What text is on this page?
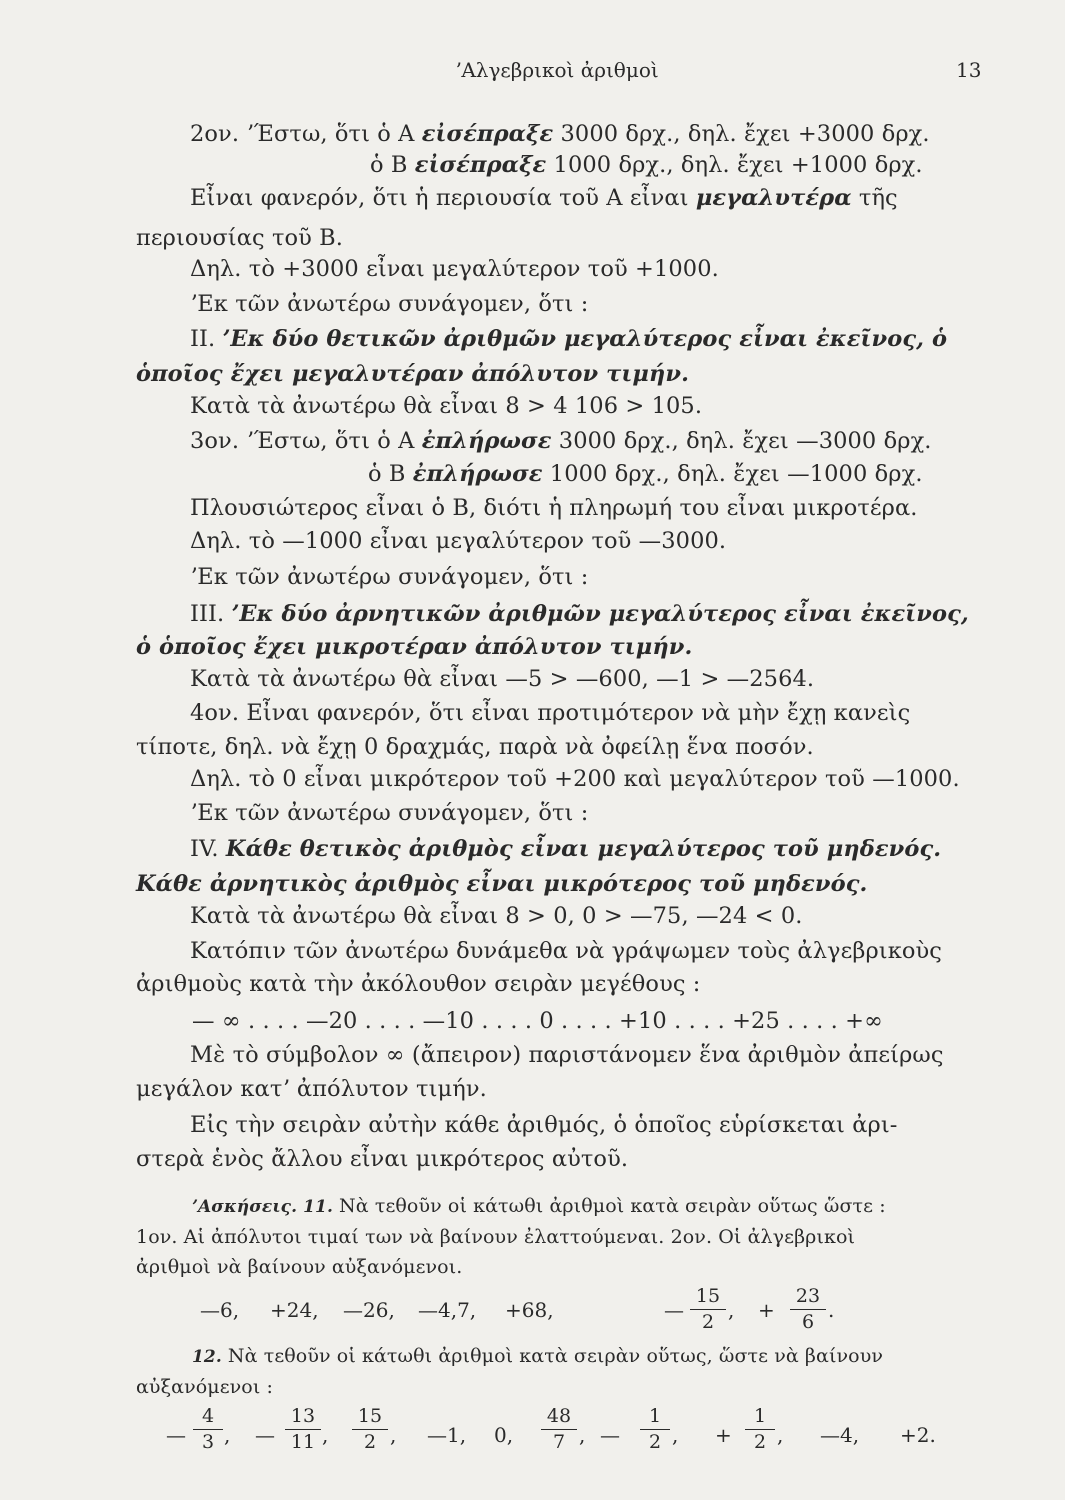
ʼΑλγεβρικοὶ ἀριθμοὶ	13
2ον. ʼΈστω, ὅτι ὁ Α εἰσέπραξε 3000 δρχ., δηλ. ἔχει +3000 δρχ.
ὁ Β εἰσέπραξε 1000 δρχ., δηλ. ἔχει +1000 δρχ.
Εἶναι φανερόν, ὅτι ἡ περιουσία τοῦ Α εἶναι μεγαλυτέρα τῆς
περιουσίας τοῦ Β.
Δηλ. τὸ +3000 εἶναι μεγαλύτερον τοῦ +1000.
ʼΕκ τῶν ἀνωτέρω συνάγομεν, ὅτι :
II. ʼΕκ δύο θετικῶν ἀριθμῶν μεγαλύτερος εἶναι ἐκεῖνος, ὁ
ὁποῖος ἔχει μεγαλυτέραν ἀπόλυτον τιμήν.
Κατὰ τὰ ἀνωτέρω θὰ εἶναι 8 > 4 106 > 105.
3ον. ʼΈστω, ὅτι ὁ Α ἐπλήρωσε 3000 δρχ., δηλ. ἔχει —3000 δρχ.
ὁ Β ἐπλήρωσε 1000 δρχ., δηλ. ἔχει —1000 δρχ.
Πλουσιώτερος εἶναι ὁ Β, διότι ἡ πληρωμή του εἶναι μικροτέρα.
Δηλ. τὸ —1000 εἶναι μεγαλύτερον τοῦ —3000.
ʼΕκ τῶν ἀνωτέρω συνάγομεν, ὅτι :
III. ʼΕκ δύο ἀρνητικῶν ἀριθμῶν μεγαλύτερος εἶναι ἐκεῖνος,
ὁ ὁποῖος ἔχει μικροτέραν ἀπόλυτον τιμήν.
Κατὰ τὰ ἀνωτέρω θὰ εἶναι —5 > —600, —1 > —2564.
4ον. Εἶναι φανερόν, ὅτι εἶναι προτιμότερον νὰ μὴν ἔχῃ κανεὶς
τίποτε, δηλ. νὰ ἔχῃ 0 δραχμάς, παρὰ νὰ ὀφείλῃ ἕνα ποσόν.
Δηλ. τὸ 0 εἶναι μικρότερον τοῦ +200 καὶ μεγαλύτερον τοῦ —1000.
ʼΕκ τῶν ἀνωτέρω συνάγομεν, ὅτι :
IV. Κάθε θετικὸς ἀριθμὸς εἶναι μεγαλύτερος τοῦ μηδενός.
Κάθε ἀρνητικὸς ἀριθμὸς εἶναι μικρότερος τοῦ μηδενός.
Κατὰ τὰ ἀνωτέρω θὰ εἶναι 8 > 0, 0 > —75, —24 < 0.
Κατόπιν τῶν ἀνωτέρω δυνάμεθα νὰ γράψωμεν τοὺς ἀλγεβρικοὺς
ἀριθμοὺς κατὰ τὴν ἀκόλουθον σειρὰν μεγέθους :
— ∞ . . . . —20 . . . . —10 . . . . 0 . . . . +10 . . . . +25 . . . . +∞
Μὲ τὸ σύμβολον ∞ (ἄπειρον) παριστάνομεν ἕνα ἀριθμὸν ἀπείρως
μεγάλον κατʼ ἀπόλυτον τιμήν.
Εἰς τὴν σειρὰν αὐτὴν κάθε ἀριθμός, ὁ ὁποῖος εὑρίσκεται ἀρι-
στερὰ ἑνὸς ἄλλου εἶναι μικρότερος αὐτοῦ.
ʼΑσκήσεις. 11. Νὰ τεθοῦν οἱ κάτωθι ἀριθμοὶ κατὰ σειρὰν οὕτως ὥστε :
1ον. Αἱ ἀπόλυτοι τιμαί των νὰ βαίνουν ἐλαττούμεναι. 2ον. Οἱ ἀλγεβρικοὶ
ἀριθμοὶ νὰ βαίνουν αὐξανόμενοι.
12. Νὰ τεθοῦν οἱ κάτωθι ἀριθμοὶ κατὰ σειρὰν οὕτως, ὥστε νὰ βαίνουν
αὐξανόμενοι :
—6, +24, —26, —4,7, +68,	— $\frac{15}{2}$ , + $\frac{23}{6}$ .
— $\frac{4}{3}$ , — $\frac{13}{11}$ , $\frac{15}{2}$ , —1, 0, $\frac{48}{7}$ , — $\frac{1}{2}$ , + $\frac{1}{2}$ , —4, +2.
